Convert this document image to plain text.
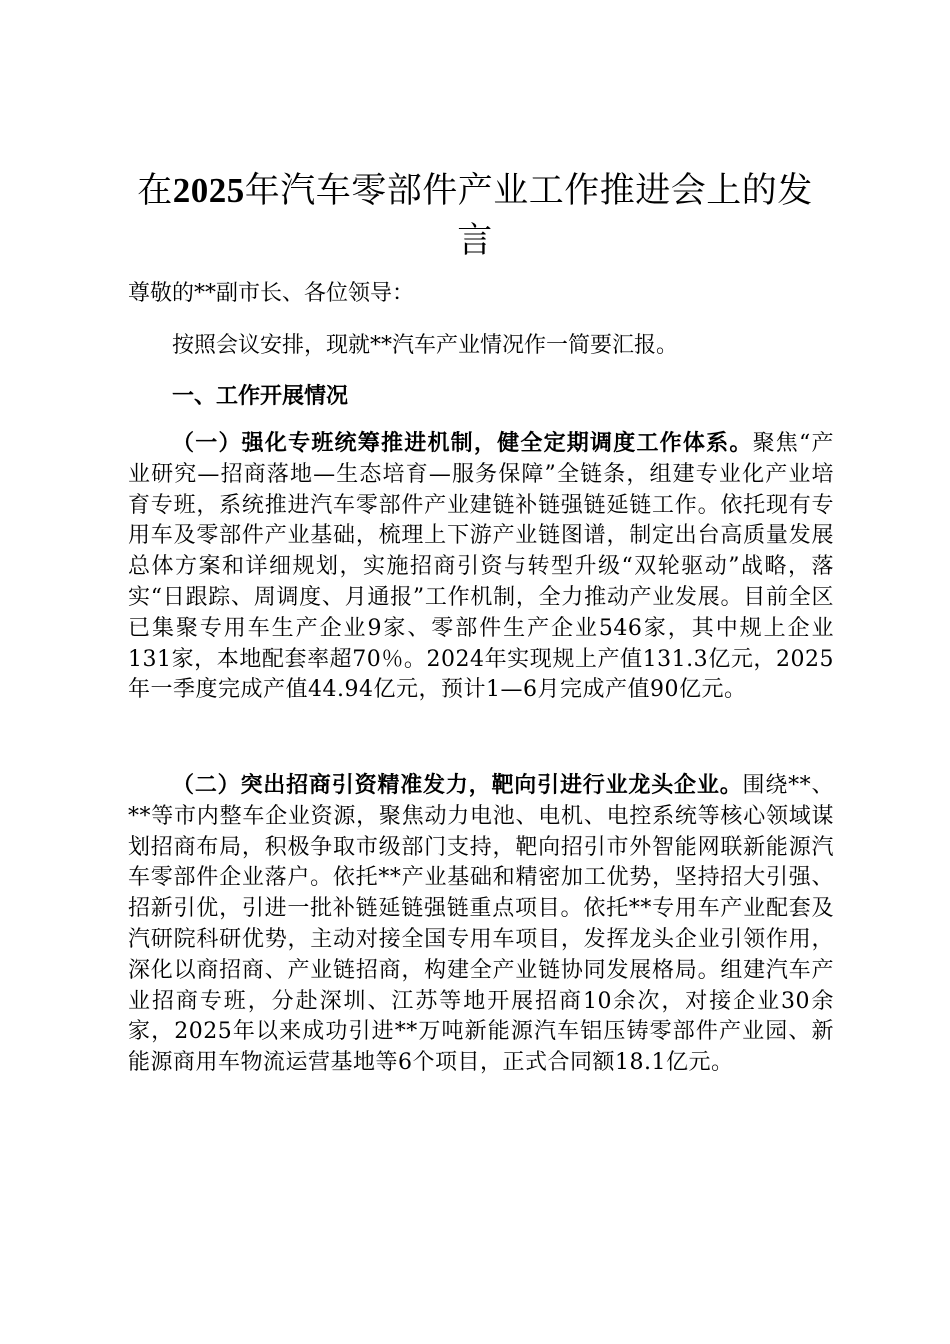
在2025年汽车零部件产业工作推进会上的发言

尊敬的**副市长、各位领导：

按照会议安排，现就**汽车产业情况作一简要汇报。

一、工作开展情况

（一）强化专班统筹推进机制，健全定期调度工作体系。聚焦“产业研究—招商落地—生态培育—服务保障”全链条，组建专业化产业培育专班，系统推进汽车零部件产业建链补链强链延链工作。依托现有专用车及零部件产业基础，梳理上下游产业链图谱，制定出台高质量发展总体方案和详细规划，实施招商引资与转型升级“双轮驱动”战略，落实“日跟踪、周调度、月通报”工作机制，全力推动产业发展。目前全区已集聚专用车生产企业9家、零部件生产企业546家，其中规上企业131家，本地配套率超70％。2024年实现规上产值131.3亿元，2025年一季度完成产值44.94亿元，预计1—6月完成产值90亿元。

（二）突出招商引资精准发力，靶向引进行业龙头企业。围绕**、**等市内整车企业资源，聚焦动力电池、电机、电控系统等核心领域谋划招商布局，积极争取市级部门支持，靶向招引市外智能网联新能源汽车零部件企业落户。依托**产业基础和精密加工优势，坚持招大引强、招新引优，引进一批补链延链强链重点项目。依托**专用车产业配套及汽研院科研优势，主动对接全国专用车项目，发挥龙头企业引领作用，深化以商招商、产业链招商，构建全产业链协同发展格局。组建汽车产业招商专班，分赴深圳、江苏等地开展招商10余次，对接企业30余家，2025年以来成功引进**万吨新能源汽车铝压铸零部件产业园、新能源商用车物流运营基地等6个项目，正式合同额18.1亿元。
